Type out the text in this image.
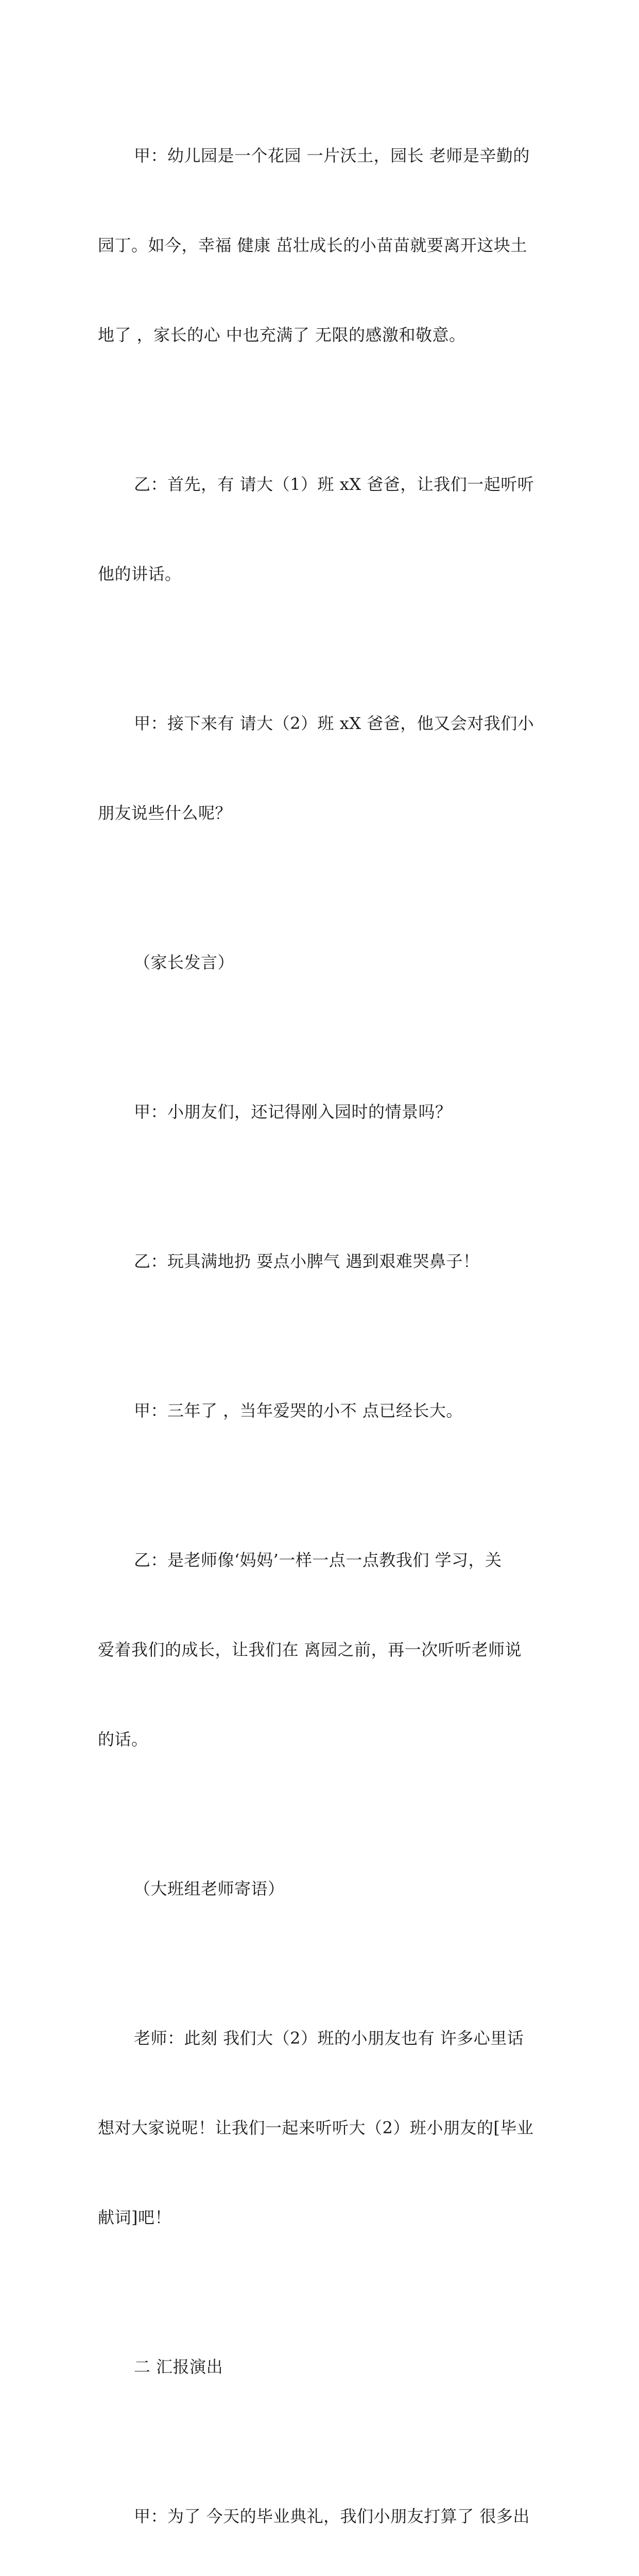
甲：幼儿园是一个花园 一片沃土，园长 老师是辛勤的

园丁。如今，幸福 健康 茁壮成长的小苗苗就要离开这块土

地了 ，家长的心 中也充满了 无限的感激和敬意。

乙：首先，有 请大（1）班 xX 爸爸，让我们一起听听

他的讲话。

甲：接下来有 请大（2）班 xX 爸爸，他又会对我们小

朋友说些什么呢？

（家长发言）

甲：小朋友们，还记得刚入园时的情景吗？

乙：玩具满地扔 耍点小脾气 遇到艰难哭鼻子！

甲：三年了 ，当年爱哭的小不 点已经长大。

乙：是老师像‘妈妈’一样一点一点教我们 学习，关

爱着我们的成长，让我们在 离园之前，再一次听听老师说

的话。

（大班组老师寄语）

老师：此刻 我们大（2）班的小朋友也有 许多心里话

想对大家说呢！让我们一起来听听大（2）班小朋友的[毕业

献词]吧！

二 汇报演出

甲：为了 今天的毕业典礼，我们小朋友打算了 很多出
